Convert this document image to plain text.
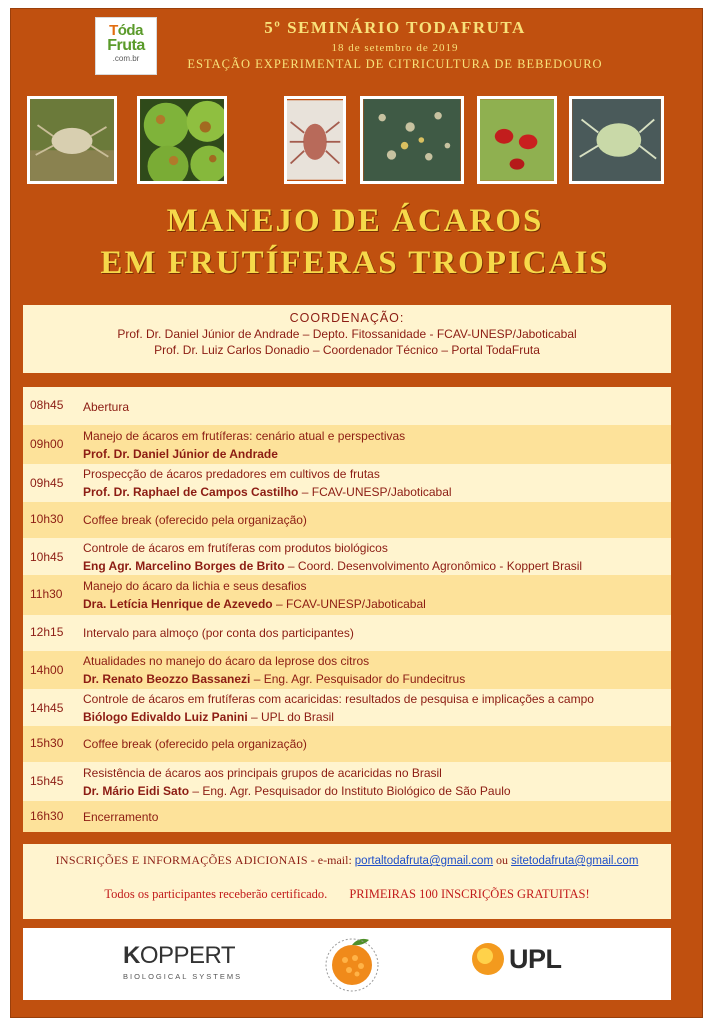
Tóda
Fruta
.com.br
5º SEMINÁRIO TODAFRUTA
18 de setembro de 2019
ESTAÇÃO EXPERIMENTAL DE CITRICULTURA DE BEBEDOURO
MANEJO DE ÁCAROS
EM FRUTÍFERAS TROPICAIS
COORDENAÇÃO:
Prof. Dr. Daniel Júnior de Andrade – Depto. Fitossanidade - FCAV-UNESP/Jaboticabal
Prof. Dr. Luiz Carlos Donadio – Coordenador Técnico – Portal TodaFruta
08h45 Abertura
09h00
Manejo de ácaros em frutíferas: cenário atual e perspectivas
Prof. Dr. Daniel Júnior de Andrade
09h45
Prospecção de ácaros predadores em cultivos de frutas
Prof. Dr. Raphael de Campos Castilho – FCAV-UNESP/Jaboticabal
10h30 Coffee break (oferecido pela organização)
10h45
Controle de ácaros em frutíferas com produtos biológicos
Eng Agr. Marcelino Borges de Brito – Coord. Desenvolvimento Agronômico - Koppert Brasil
11h30
Manejo do ácaro da lichia e seus desafios
Dra. Letícia Henrique de Azevedo – FCAV-UNESP/Jaboticabal
12h15 Intervalo para almoço (por conta dos participantes)
14h00
Atualidades no manejo do ácaro da leprose dos citros
Dr. Renato Beozzo Bassanezi – Eng. Agr. Pesquisador do Fundecitrus
14h45
Controle de ácaros em frutíferas com acaricidas: resultados de pesquisa e implicações a campo
Biólogo Edivaldo Luiz Panini – UPL do Brasil
15h30 Coffee break (oferecido pela organização)
15h45
Resistência de ácaros aos principais grupos de acaricidas no Brasil
Dr. Mário Eidi Sato – Eng. Agr. Pesquisador do Instituto Biológico de São Paulo
16h30 Encerramento
INSCRIÇÕES E INFORMAÇÕES ADICIONAIS - e-mail: portaltodafruta@gmail.com ou sitetodafruta@gmail.com
Todos os participantes receberão certificado. PRIMEIRAS 100 INSCRIÇÕES GRATUITAS!
KOPPERT
BIOLOGICAL SYSTEMS
UPL
